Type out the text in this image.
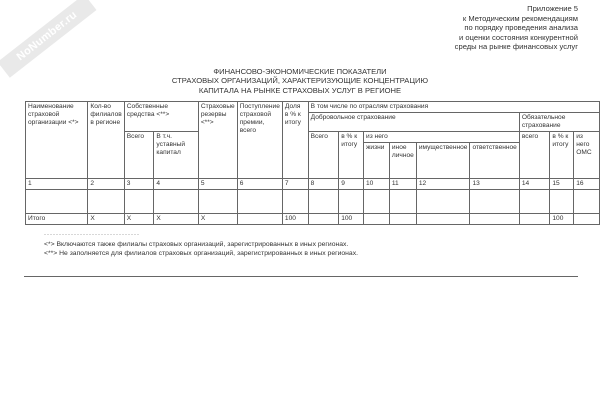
NoNumber.ru
Приложение 5
к Методическим рекомендациям
по порядку проведения анализа
и оценки состояния конкурентной
среды на рынке финансовых услуг
ФИНАНСОВО-ЭКОНОМИЧЕСКИЕ ПОКАЗАТЕЛИ
СТРАХОВЫХ ОРГАНИЗАЦИЙ, ХАРАКТЕРИЗУЮЩИЕ КОНЦЕНТРАЦИЮ
КАПИТАЛА НА РЫНКЕ СТРАХОВЫХ УСЛУГ В РЕГИОНЕ
Наименование страховой организации <*>	Кол-во филиалов в регионе	Собственные средства <**>		Страховые резервы <**>	Поступление страховой премии, всего	Доля в % к итогу	В том числе по отраслям страхования								
							Добровольное страхование						Обязательное страхование		
		Всего	В т.ч. уставный капитал				Всего	в % к итогу	из него				всего	в % к итогу	из него ОМС
									жизни	иное личное	имущественное	ответственное			
1	2	3	4	5	6	7	8	9	10	11	12	13	14	15	16

Итого	X	X	X	X		100		100						100	
--------------------------------
<*> Включаются также филиалы страховых организаций, зарегистрированных в иных регионах.
<**> Не заполняется для филиалов страховых организаций, зарегистрированных в иных регионах.
